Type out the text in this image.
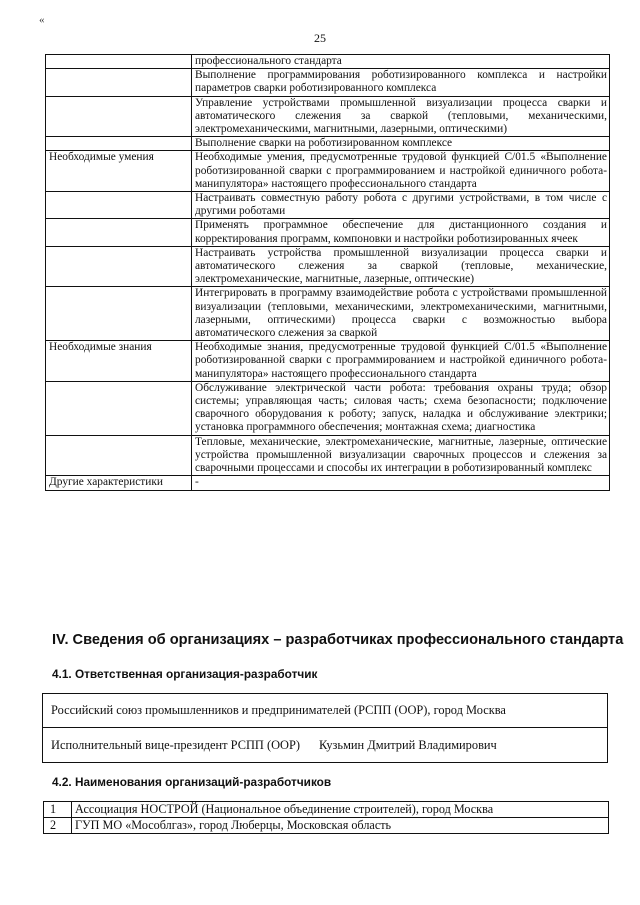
«
25
	профессионального стандарта
	Выполнение программирования роботизированного комплекса и настройки параметров сварки роботизированного комплекса
	Управление устройствами промышленной визуализации процесса сварки и автоматического слежения за сваркой (тепловыми, механическими, электромеханическими, магнитными, лазерными, оптическими)
	Выполнение сварки на роботизированном комплексе
Необходимые умения	Необходимые умения, предусмотренные трудовой функцией C/01.5 «Выполнение роботизированной сварки с программированием и настройкой единичного робота-манипулятора» настоящего профессионального стандарта
	Настраивать совместную работу робота с другими устройствами, в том числе с другими роботами
	Применять программное обеспечение для дистанционного создания и корректирования программ, компоновки и настройки роботизированных ячеек
	Настраивать устройства промышленной визуализации процесса сварки и автоматического слежения за сваркой (тепловые, механические, электромеханические, магнитные, лазерные, оптические)
	Интегрировать в программу взаимодействие робота с устройствами промышленной визуализации (тепловыми, механическими, электромеханическими, магнитными, лазерными, оптическими) процесса сварки с возможностью выбора автоматического слежения за сваркой
Необходимые знания	Необходимые знания, предусмотренные трудовой функцией C/01.5 «Выполнение роботизированной сварки с программированием и настройкой единичного робота-манипулятора» настоящего профессионального стандарта
	Обслуживание электрической части робота: требования охраны труда; обзор системы; управляющая часть; силовая часть; схема безопасности; подключение сварочного оборудования к роботу; запуск, наладка и обслуживание электрики; установка программного обеспечения; монтажная схема; диагностика
	Тепловые, механические, электромеханические, магнитные, лазерные, оптические устройства промышленной визуализации сварочных процессов и слежения за сварочными процессами и способы их интеграции в роботизированный комплекс
Другие характеристики	-
IV. Сведения об организациях – разработчиках профессионального стандарта
4.1. Ответственная организация-разработчик
Российский союз промышленников и предпринимателей (РСПП (ООР), город Москва
Исполнительный вице-президент РСПП (ООР) Кузьмин Дмитрий Владимирович
4.2. Наименования организаций-разработчиков
1	Ассоциация НОСТРОЙ (Национальное объединение строителей), город Москва
2	ГУП МО «Мособлгаз», город Люберцы, Московская область
